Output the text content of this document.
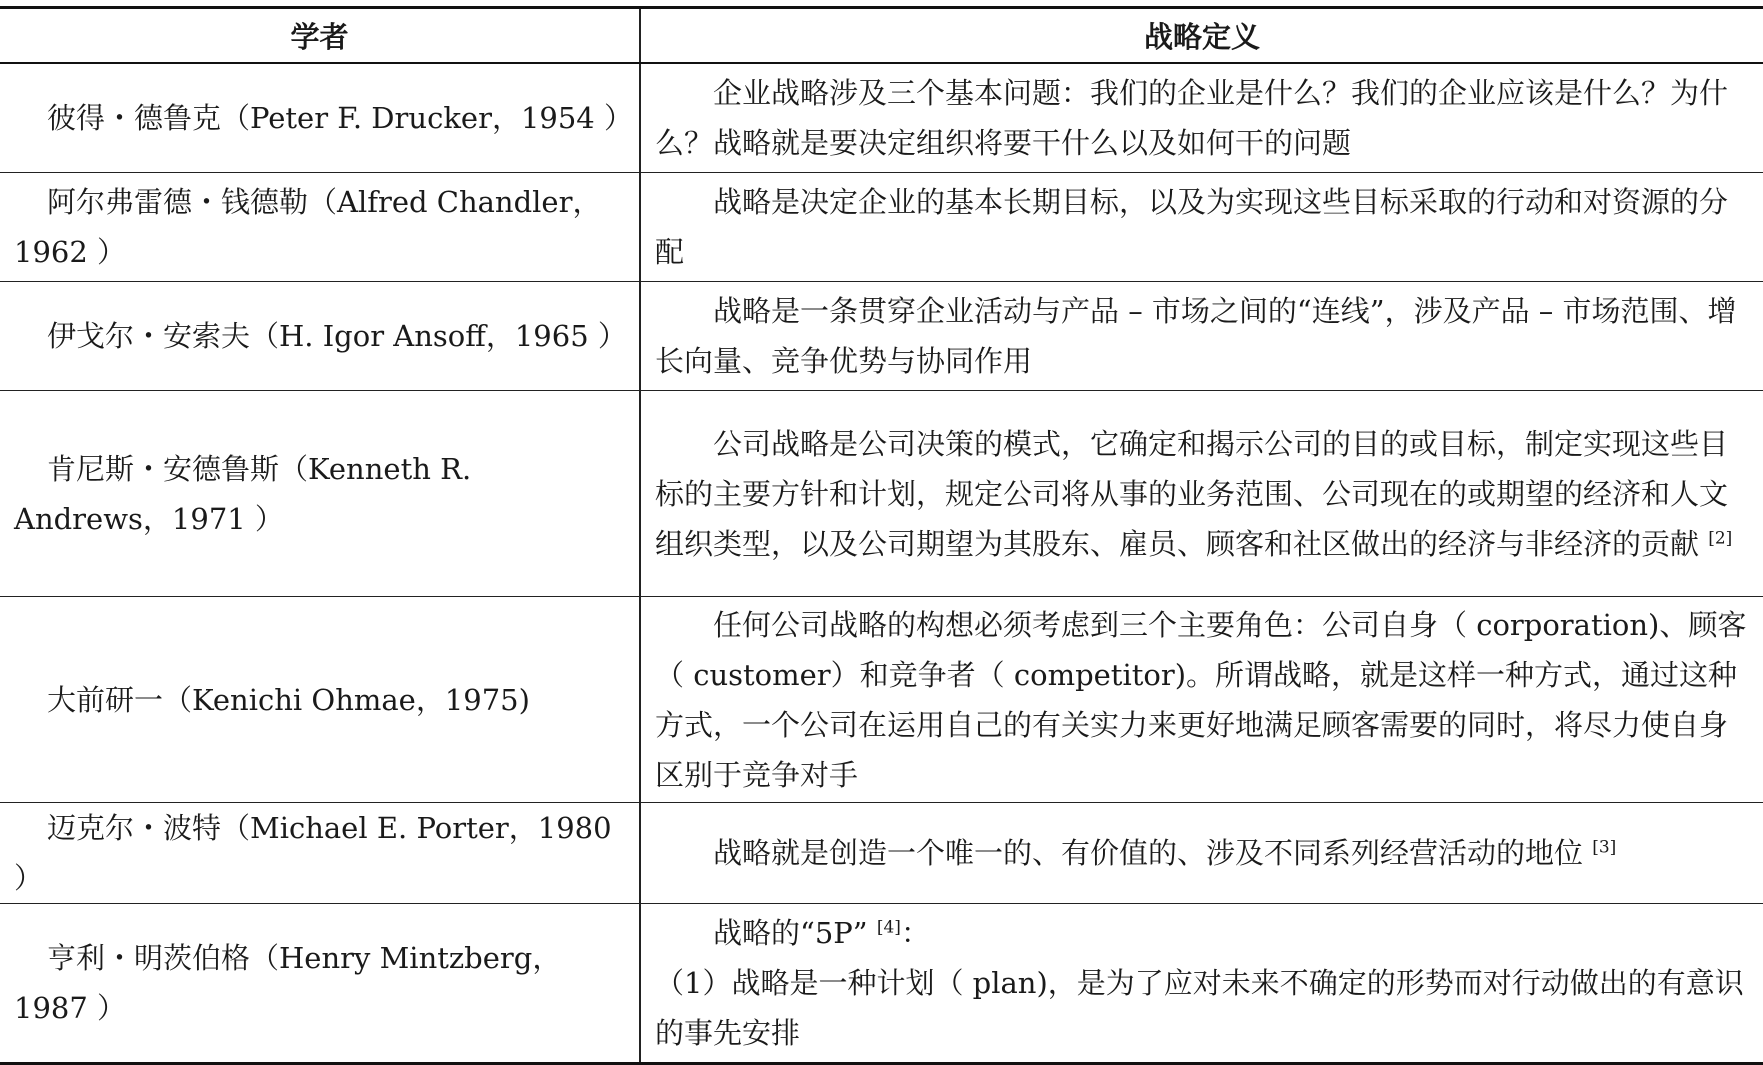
学者	战略定义
彼得・德鲁克（Peter F. Drucker，1954 ）	企业战略涉及三个基本问题：我们的企业是什么？我们的企业应该是什么？为什么？战略就是要决定组织将要干什么以及如何干的问题

阿尔弗雷德・钱德勒（Alfred Chandler，1962 ）	战略是决定企业的基本长期目标，以及为实现这些目标采取的行动和对资源的分配

伊戈尔・安索夫（H. Igor Ansoff，1965 ）	战略是一条贯穿企业活动与产品 – 市场之间的“连线”，涉及产品 – 市场范围、增长向量、竞争优势与协同作用

肯尼斯・安德鲁斯（Kenneth R. Andrews，1971 ）	公司战略是公司决策的模式，它确定和揭示公司的目的或目标，制定实现这些目标的主要方针和计划，规定公司将从事的业务范围、公司现在的或期望的经济和人文组织类型，以及公司期望为其股东、雇员、顾客和社区做出的经济与非经济的贡献 [2]

大前研一（Kenichi Ohmae，1975)	任何公司战略的构想必须考虑到三个主要角色：公司自身（ corporation)、顾客（ customer）和竞争者（ competitor)。所谓战略，就是这样一种方式，通过这种方式，一个公司在运用自己的有关实力来更好地满足顾客需要的同时，将尽力使自身区别于竞争对手

迈克尔・波特（Michael E. Porter，1980 ）	战略就是创造一个唯一的、有价值的、涉及不同系列经营活动的地位 [3]

亨利・明茨伯格（Henry Mintzberg，1987 ）	战略的“5P” [4]：

（1）战略是一种计划（ plan)，是为了应对未来不确定的形势而对行动做出的有意识的事先安排
